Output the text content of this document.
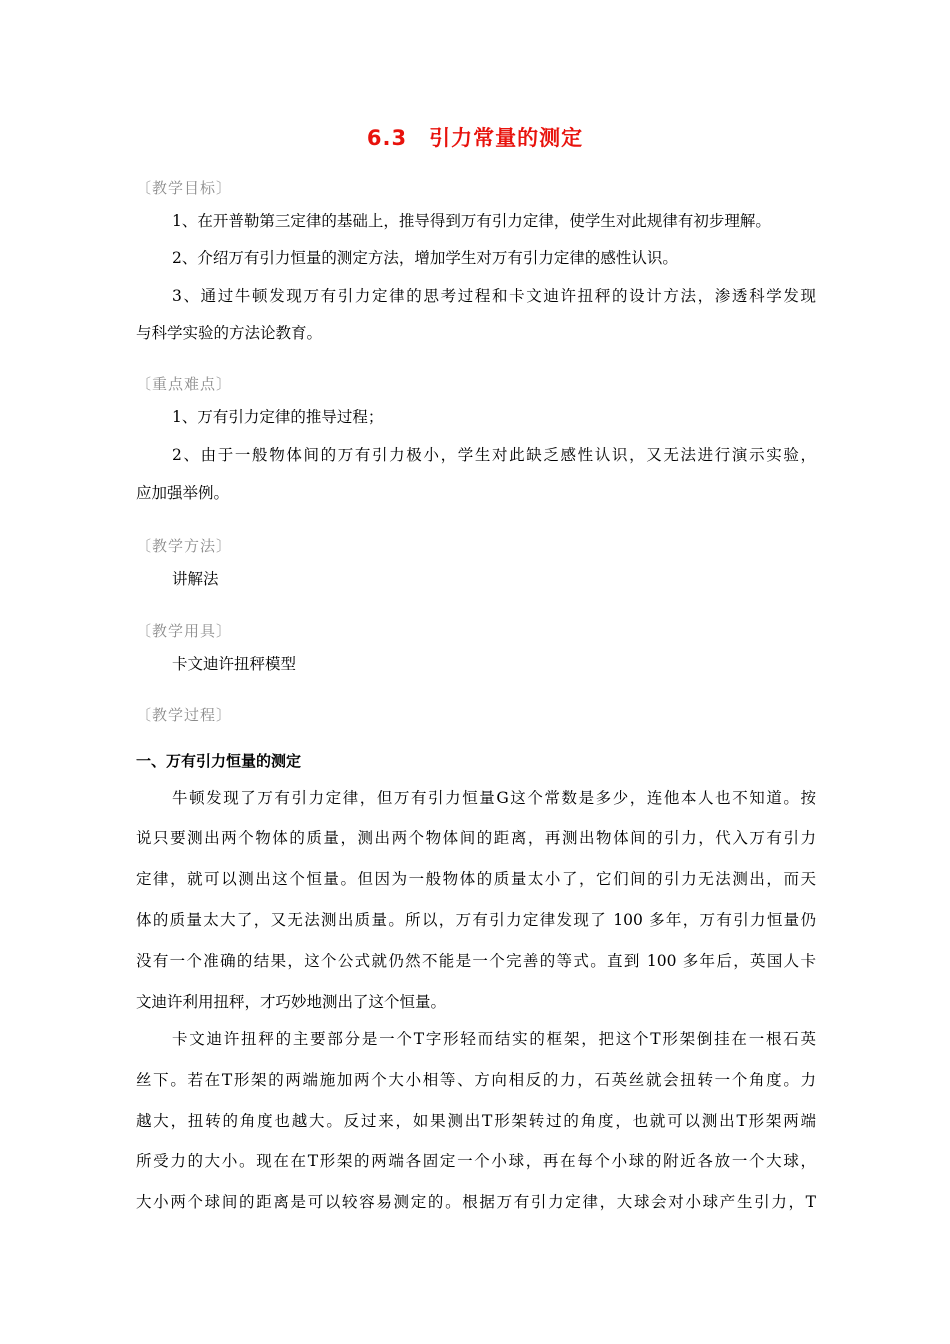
6.3　引力常量的测定
〔教学目标〕
1、在开普勒第三定律的基础上，推导得到万有引力定律，使学生对此规律有初步理解。
2、介绍万有引力恒量的测定方法，增加学生对万有引力定律的感性认识。
3、通过牛顿发现万有引力定律的思考过程和卡文迪许扭秤的设计方法，渗透科学发现
与科学实验的方法论教育。
〔重点难点〕
1、万有引力定律的推导过程；
2、由于一般物体间的万有引力极小，学生对此缺乏感性认识，又无法进行演示实验，
应加强举例。
〔教学方法〕
讲解法
〔教学用具〕
卡文迪许扭秤模型
〔教学过程〕
一、万有引力恒量的测定
牛顿发现了万有引力定律，但万有引力恒量G这个常数是多少，连他本人也不知道。按
说只要测出两个物体的质量，测出两个物体间的距离，再测出物体间的引力，代入万有引力
定律，就可以测出这个恒量。但因为一般物体的质量太小了，它们间的引力无法测出，而天
体的质量太大了，又无法测出质量。所以，万有引力定律发现了 100 多年，万有引力恒量仍
没有一个准确的结果，这个公式就仍然不能是一个完善的等式。直到 100 多年后，英国人卡
文迪许利用扭秤，才巧妙地测出了这个恒量。
卡文迪许扭秤的主要部分是一个T字形轻而结实的框架，把这个T形架倒挂在一根石英
丝下。若在T形架的两端施加两个大小相等、方向相反的力，石英丝就会扭转一个角度。力
越大，扭转的角度也越大。反过来，如果测出T形架转过的角度，也就可以测出T形架两端
所受力的大小。现在在T形架的两端各固定一个小球，再在每个小球的附近各放一个大球，
大小两个球间的距离是可以较容易测定的。根据万有引力定律，大球会对小球产生引力，T
